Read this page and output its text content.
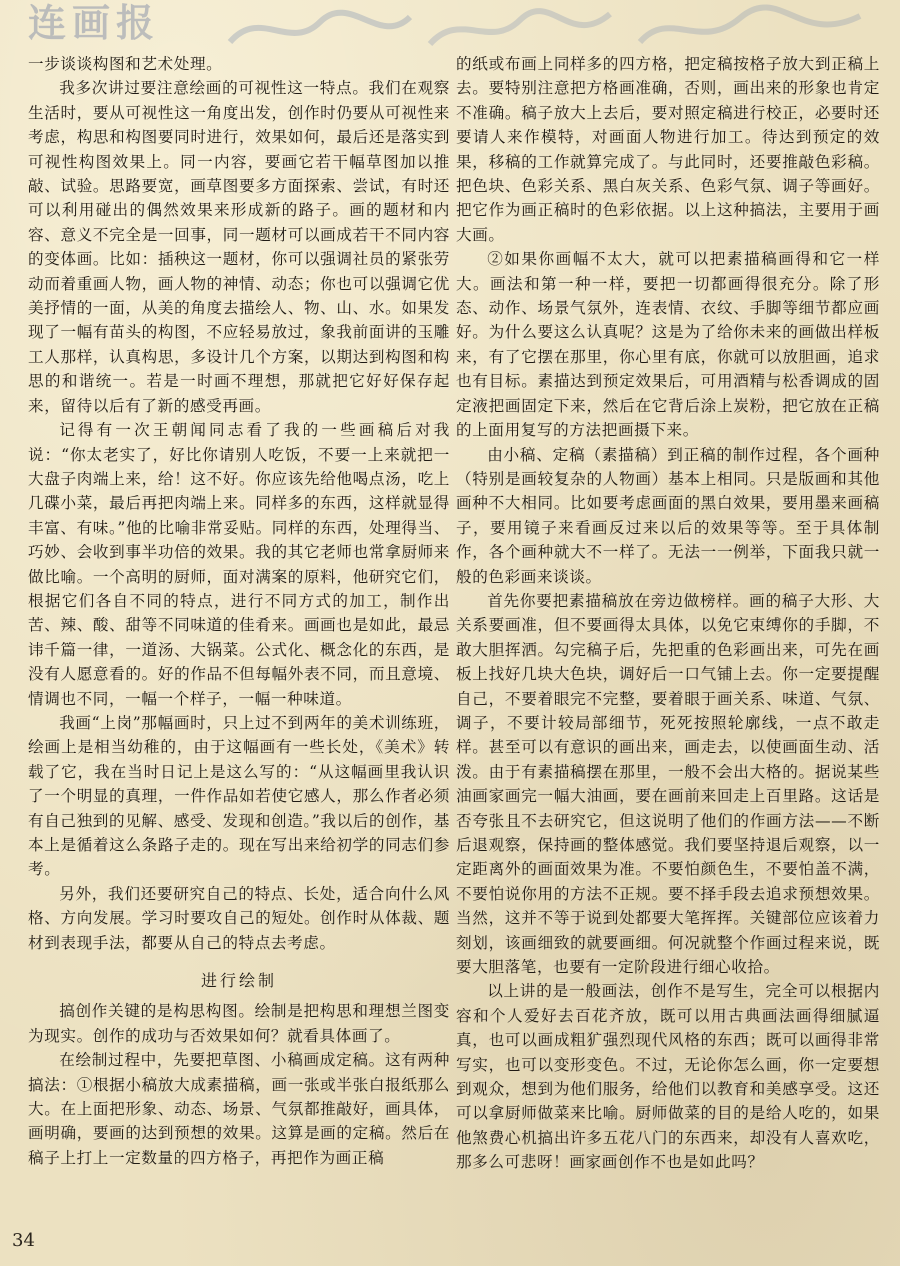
连画报

一步谈谈构图和艺术处理。

我多次讲过要注意绘画的可视性这一特点。我们在观察生活时，要从可视性这一角度出发，创作时仍要从可视性来考虑，构思和构图要同时进行，效果如何，最后还是落实到可视性构图效果上。同一内容，要画它若干幅草图加以推敲、试验。思路要宽，画草图要多方面探索、尝试，有时还可以利用碰出的偶然效果来形成新的路子。画的题材和内容、意义不完全是一回事，同一题材可以画成若干不同内容的变体画。比如：插秧这一题材，你可以强调社员的紧张劳动而着重画人物，画人物的神情、动态；你也可以强调它优美抒情的一面，从美的角度去描绘人、物、山、水。如果发现了一幅有苗头的构图，不应轻易放过，象我前面讲的玉雕工人那样，认真构思，多设计几个方案，以期达到构图和构思的和谐统一。若是一时画不理想，那就把它好好保存起来，留待以后有了新的感受再画。

记得有一次王朝闻同志看了我的一些画稿后对我说：“你太老实了，好比你请别人吃饭，不要一上来就把一大盘子肉端上来，给！这不好。你应该先给他喝点汤，吃上几碟小菜，最后再把肉端上来。同样多的东西，这样就显得丰富、有味。”他的比喻非常妥贴。同样的东西，处理得当、巧妙、会收到事半功倍的效果。我的其它老师也常拿厨师来做比喻。一个高明的厨师，面对满案的原料，他研究它们，根据它们各自不同的特点，进行不同方式的加工，制作出苦、辣、酸、甜等不同味道的佳肴来。画画也是如此，最忌讳千篇一律，一道汤、大锅菜。公式化、概念化的东西，是没有人愿意看的。好的作品不但每幅外表不同，而且意境、情调也不同，一幅一个样子，一幅一种味道。

我画“上岗”那幅画时，只上过不到两年的美术训练班，绘画上是相当幼稚的，由于这幅画有一些长处，《美术》转载了它，我在当时日记上是这么写的：“从这幅画里我认识了一个明显的真理，一件作品如若使它感人，那么作者必须有自己独到的见解、感受、发现和创造。”我以后的创作，基本上是循着这么条路子走的。现在写出来给初学的同志们参考。

另外，我们还要研究自己的特点、长处，适合向什么风格、方向发展。学习时要攻自己的短处。创作时从体裁、题材到表现手法，都要从自己的特点去考虑。

进行绘制

搞创作关键的是构思构图。绘制是把构思和理想兰图变为现实。创作的成功与否效果如何？就看具体画了。

在绘制过程中，先要把草图、小稿画成定稿。这有两种搞法：①根据小稿放大成素描稿，画一张或半张白报纸那么大。在上面把形象、动态、场景、气氛都推敲好，画具体，画明确，要画的达到预想的效果。这算是画的定稿。然后在稿子上打上一定数量的四方格子，再把作为画正稿

的纸或布画上同样多的四方格，把定稿按格子放大到正稿上去。要特别注意把方格画准确，否则，画出来的形象也肯定不准确。稿子放大上去后，要对照定稿进行校正，必要时还要请人来作模特，对画面人物进行加工。待达到预定的效果，移稿的工作就算完成了。与此同时，还要推敲色彩稿。把色块、色彩关系、黑白灰关系、色彩气氛、调子等画好。把它作为画正稿时的色彩依据。以上这种搞法，主要用于画大画。

②如果你画幅不太大，就可以把素描稿画得和它一样大。画法和第一种一样，要把一切都画得很充分。除了形态、动作、场景气氛外，连表情、衣纹、手脚等细节都应画好。为什么要这么认真呢？这是为了给你未来的画做出样板来，有了它摆在那里，你心里有底，你就可以放胆画，追求也有目标。素描达到预定效果后，可用酒精与松香调成的固定液把画固定下来，然后在它背后涂上炭粉，把它放在正稿的上面用复写的方法把画摄下来。

由小稿、定稿（素描稿）到正稿的制作过程，各个画种（特别是画较复杂的人物画）基本上相同。只是版画和其他画种不大相同。比如要考虑画面的黑白效果，要用墨来画稿子，要用镜子来看画反过来以后的效果等等。至于具体制作，各个画种就大不一样了。无法一一例举，下面我只就一般的色彩画来谈谈。

首先你要把素描稿放在旁边做榜样。画的稿子大形、大关系要画准，但不要画得太具体，以免它束缚你的手脚，不敢大胆挥洒。勾完稿子后，先把重的色彩画出来，可先在画板上找好几块大色块，调好后一口气铺上去。你一定要提醒自己，不要着眼完不完整，要着眼于画关系、味道、气氛、调子，不要计较局部细节，死死按照轮廓线，一点不敢走样。甚至可以有意识的画出来，画走去，以使画面生动、活泼。由于有素描稿摆在那里，一般不会出大格的。据说某些油画家画完一幅大油画，要在画前来回走上百里路。这话是否夸张且不去研究它，但这说明了他们的作画方法——不断后退观察，保持画的整体感觉。我们要坚持退后观察，以一定距离外的画面效果为准。不要怕颜色生，不要怕盖不满，不要怕说你用的方法不正规。要不择手段去追求预想效果。当然，这并不等于说到处都要大笔挥挥。关键部位应该着力刻划，该画细致的就要画细。何况就整个作画过程来说，既要大胆落笔，也要有一定阶段进行细心收拾。

以上讲的是一般画法，创作不是写生，完全可以根据内容和个人爱好去百花齐放，既可以用古典画法画得细腻逼真，也可以画成粗犷强烈现代风格的东西；既可以画得非常写实，也可以变形变色。不过，无论你怎么画，你一定要想到观众，想到为他们服务，给他们以教育和美感享受。这还可以拿厨师做菜来比喻。厨师做菜的目的是给人吃的，如果他煞费心机搞出许多五花八门的东西来，却没有人喜欢吃，那多么可悲呀！画家画创作不也是如此吗？

34
